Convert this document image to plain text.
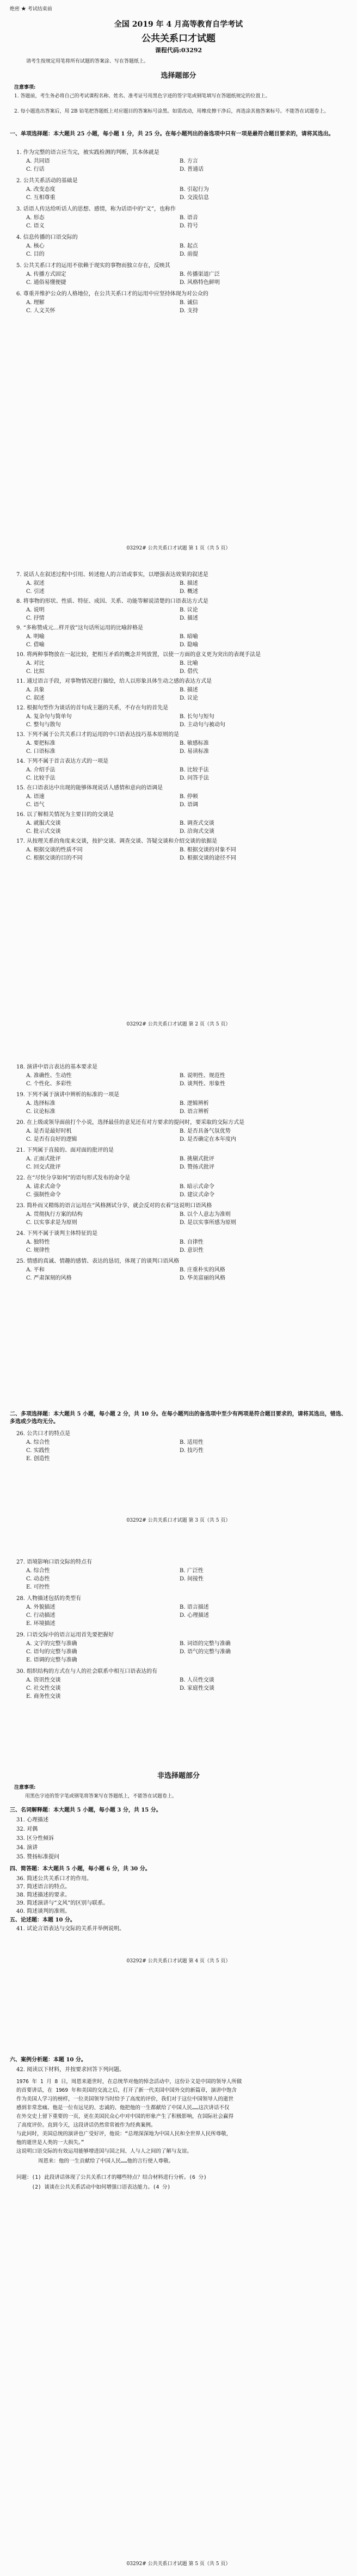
绝密 ★ 考试结束前
全国 2019 年 4 月高等教育自学考试
公共关系口才试题
课程代码:03292
请考生按规定用笔将所有试题的答案涂、写在答题纸上。
选择题部分
注意事项:
1. 答题前，考生务必将自己的考试课程名称、姓名、准考证号用黑色字迹的签字笔或钢笔填写在答题纸规定的位置上。
2. 每小题选出答案后，用 2B 铅笔把答题纸上对应题目的答案标号涂黑。如需改动，用橡皮擦干净后，再选涂其他答案标号。不能答在试题卷上。
一、单项选择题：本大题共 25 小题，每小题 1 分，共 25 分。在每小题列出的备选项中只有一项是最符合题目要求的，请将其选出。
1. 作为完整的语言应当完，被实践检测的判断，其本体就是
A. 共同语	B. 方言
C. 行话	D. 普通话
2. 公共关系活动的基础是
A. 改变态度	B. 引起行为
C. 互相尊重	D. 交流信息
3. 话语人传达给听话人的思想、感情，称为话语中的“义”，也称作
A. 形态	B. 语音
C. 语义	D. 符号
4. 信息传播的口语交际的
A. 核心	B. 起点
C. 目的	D. 前提
5. 公共关系口才的运用不依赖于现实的事物而独立存在，反映其
A. 传播方式固定	B. 传播渠道广泛
C. 通俗易懂便捷	D. 风格特色鲜明
6. 尊重并维护公众的人格地位，在公共关系口才的运用中应坚持体现为对公众的
A. 理解	B. 诚信
C. 人文关怀	D. 支持
03292# 公共关系口才试题 第 1 页（共 5 页）
7. 说话人在叙述过程中引用、转述他人的言语或事实，以增强表达效果的叙述是
A. 叙述	B. 描述
C. 引述	D. 概述
8. 将事物的形状、性质、特征、成因、关系、功能等解说清楚的口语表达方式是
A. 说明	B. 议论
C. 抒情	D. 描述
9. “多称赞成元…样开放”这句话所运用的比喻辞格是
A. 明喻	B. 暗喻
C. 借喻	D. 隐喻
10. 将两种事物放在一起比较，把相互矛盾的概念并列放置，以使一方面的意义更为突出的表现手法是
A. 对比	B. 比喻
C. 比拟	D. 借代
11. 通过语言手段，对事物情况进行描绘，给人以形象具体生动之感的表达方式是
A. 具象	B. 描述
C. 叙述	D. 议论
12. 根据句型作为谈话的首句成主题的关系，不存在句的首先是
A. 复杂句与简单句	B. 长句与短句
C. 整句与散句	D. 主动句与被动句
13. 下列不属于公共关系口才的运用的中口语表达技巧基本原则的是
A. 要把标准	B. 敏感标准
C. 口语标准	D. 易读标准
14. 下列不属于首言表达方式的一项是
A. 介绍手法	B. 比较手法
C. 比较手法	D. 问答手法
15. 在口语表达中出现的能够体现说话人感情和意向的语调是
A. 语速	B. 停顿
C. 语气	D. 语调
16. 以了解相关情况为主要目的的交谈是
A. 就服式交谈	B. 调查式交谈
C. 批示式交谈	D. 洽询式交谈
17. 从按理关系的角度来交谈，按护交谈、调查交谈、答疑交谈和介绍交谈的依据是
A. 根据交谈的性质不同	B. 根据交谈的对象不同
C. 根据交谈的目的不同	D. 根据交谈的途径不同
03292# 公共关系口才试题 第 2 页（共 5 页）
18. 演讲中语言表达的基本要求是
A. 准确性、生动性	B. 说明性、规范性
C. 个性化、多彩性	D. 谈判性、形象性
19. 下列不属于演讲中辨析的标准的一项是
A. 选择标准	B. 逻辑辨析
C. 议论标准	D. 语言辨析
20. 在上级或领导面前打个小说，选择最佳的意见还有对方要求的提问时，要采取的交际方式是
A. 是否是最好时机	B. 是否具备气氛优势
C. 是否有良好的逻辑	D. 是否确定在本年度内
21. 下列属于直接的、面对面的批评的是
A. 正面式批评	B. 挑剔式批评
C. 回交式批评	D. 赞扬式批评
22. 在“尽快分享如何”的语句形式发布的命令是
A. 请求式命令	B. 暗示式命令
C. 强制性命令	D. 建议式命令
23. 简朴而又精练的语言运用在“风格测试分享，就会反对的衣着”这说明口语风格
A. 贯彻执行方案的结构	B. 以个人意志为准则
C. 以实事求是为原则	D. 是以实事所感为原则
24. 下列不属于谈判主体特征的是
A. 独特性	B. 自律性
C. 规律性	D. 意识性
25. 情感的真诚、情趣的感情、表达的恳切，体现了的谈判口语风格
A. 平和	B. 庄重朴实的风格
C. 严肃深刻的风格	D. 华美富丽的风格
二、多项选择题：本大题共 5 小题，每小题 2 分，共 10 分。在每小题列出的备选项中至少有两项是符合题目要求的，请将其选出，错选、多选或少选均无分。
26. 公共口才的特点是
A. 综合性	B. 适用性
C. 实践性	D. 技巧性
E. 创造性
03292# 公共关系口才试题 第 3 页（共 5 页）
27. 语境影响口语交际的特点有
A. 综合性	B. 广泛性
C. 动态性	D. 间接性
E. 可控性
28. 人物描述包括的类型有
A. 外貌描述	B. 语言描述
C. 行动描述	D. 心理描述
E. 环境描述
29. 口语交际中的语言运用首先要把握好
A. 文字的完整与准确	B. 词语的完整与准确
C. 语句的完整与准确	D. 语气的完整与准确
E. 语调的完整与准确
30. 组织结构的方式在与人的社会联系中相互口语表达的有
A. 资讯性交谈	B. 人员性交谈
C. 社交性交谈	D. 家庭性交谈
E. 商务性交谈
非选择题部分
注意事项:
用黑色字迹的签字笔或钢笔将答案写在答题纸上，不能答在试题卷上。
三、名词解释题：本大题共 5 小题，每小题 3 分，共 15 分。
31. 心理描述
32. 对偶
33. 区分性倾诉
34. 演讲
35. 赞扬标准提问
四、简答题：本大题共 5 小题，每小题 6 分，共 30 分。
36. 简述公共关系口才的作用。
37. 简述语言的特点。
38. 简述描述的要求。
39. 简述演讲与“文风”的区别与联系。
40. 简述谈判的准则。
五、论述题：本题 10 分。
41. 试论言语表达与交际的关系并举例说明。
03292# 公共关系口才试题 第 4 页（共 5 页）
六、案例分析题：本题 10 分。
42. 阅读以下材料，并按要求回答下列问题。
1976 年 1 月 8 日，周恩来逝世时，在总统华对他的悼念活动中，这份讣文是中国的领导人所做
的首要讲话，在 1969 年和美国的交流之后，打开了新一代美国中国外交的新篇章，演讲中饱含
作为美国人学习的榜样，一位美国领导当时给予了高度的评价，我们对于这位中国领导人的逝世
感到非常悲痛。他是一位有远见的、忠诚的、他把他的一生都献给了中国人民……这次讲话不仅
在外交史上留下重要的一页，更在美国民众心中对中国的形象产生了积极影响，在国际社会赢得
了高度评价。直到今天，这段讲话仍然常常被作为经典案例。
与此同时，美国总统的演讲也广受好评，他说：“总理深深地为中国人民和全世界人民所尊敬，
他的逝世是人类的一大损失。”
这说明口语交际的有效运用能够增进国与国之间、人与人之间的了解与友谊。
周恩来：他的一生贡献给了中国人民……他的言行使人尊敬。
问题：(1) 此段讲话体现了公共关系口才的哪些特点？结合材料进行分析。(6 分)
　　　(2) 谈谈在公共关系活动中如何增强口语表达能力。(4 分)
03292# 公共关系口才试题 第 5 页（共 5 页）
